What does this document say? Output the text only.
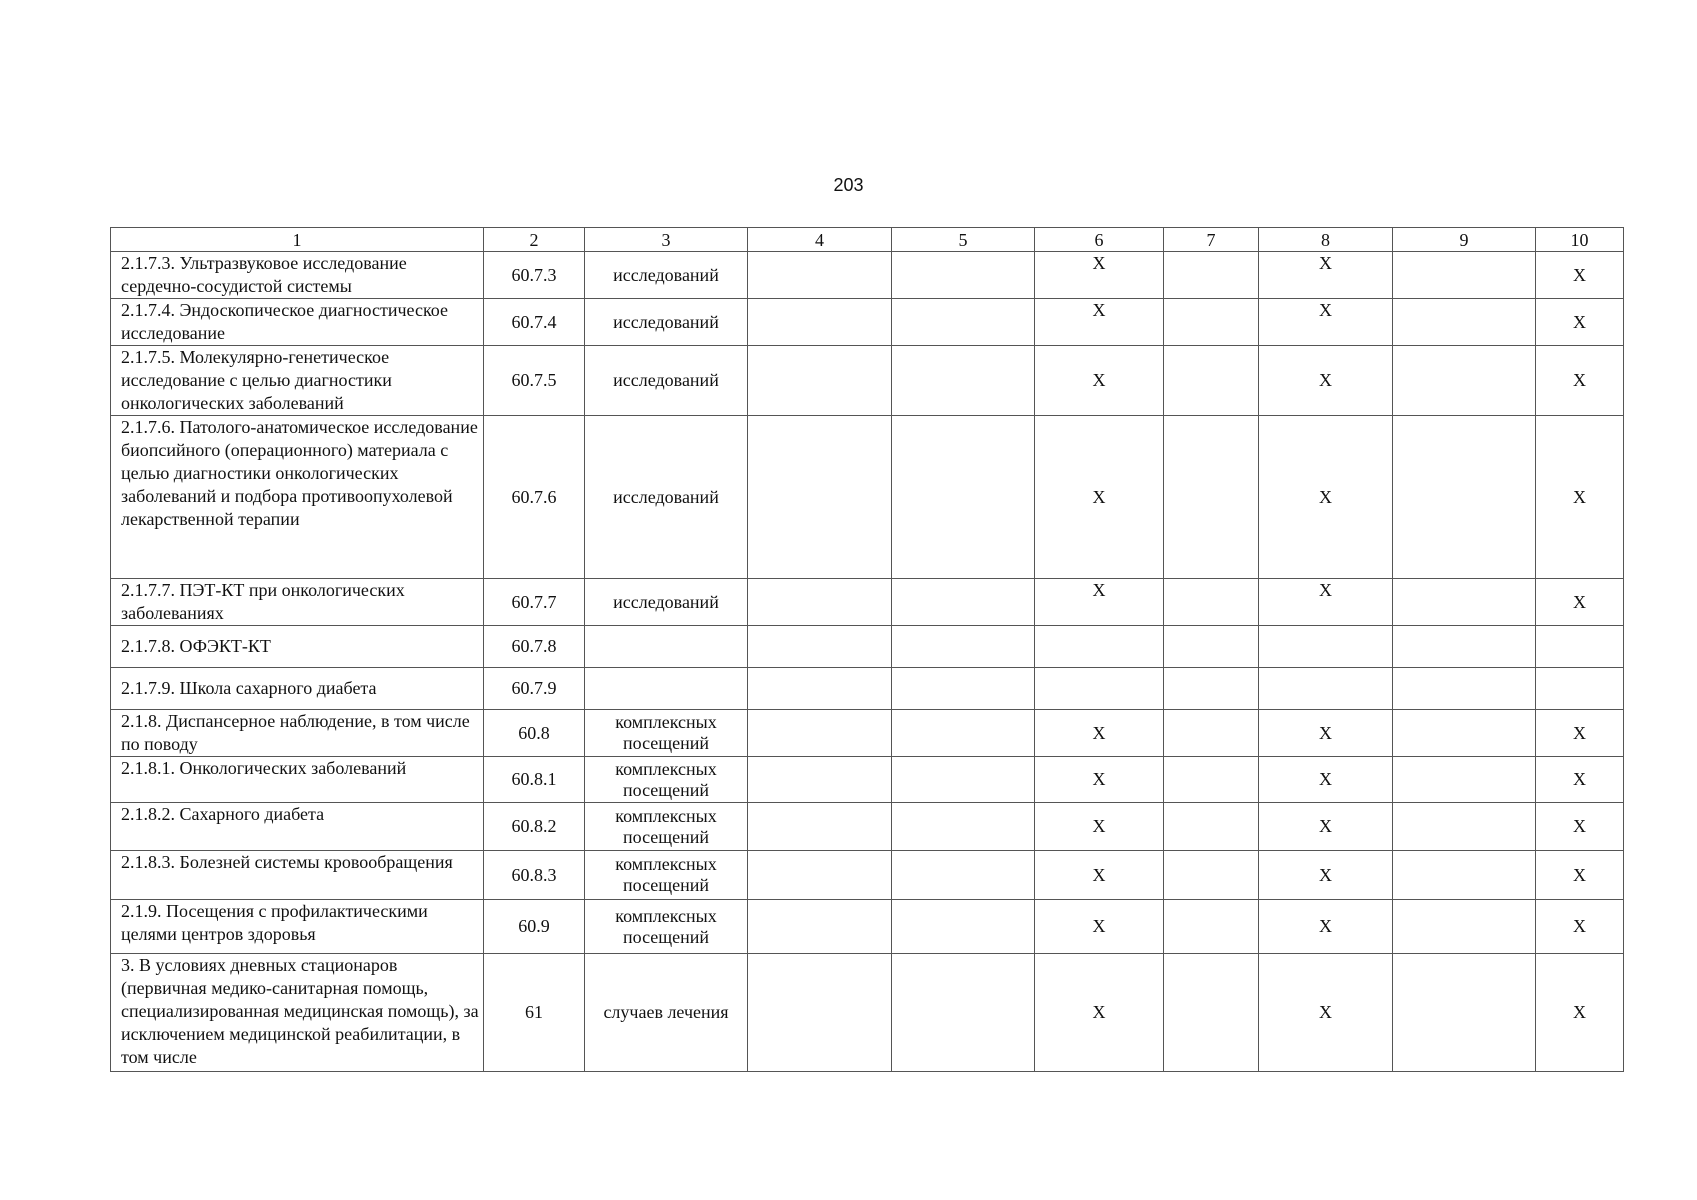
203
1	2	3	4	5	6	7	8	9	10
2.1.7.3. Ультразвуковое исследование сердечно-сосудистой системы	60.7.3	исследований			X		X		X
2.1.7.4. Эндоскопическое диагностическое исследование	60.7.4	исследований			X		X		X
2.1.7.5. Молекулярно-генетическое исследование с целью диагностики онкологических заболеваний	60.7.5	исследований			X		X		X
2.1.7.6. Патолого-анатомическое исследование биопсийного (операционного) материала с целью диагностики онкологических заболеваний и подбора противоопухолевой лекарственной терапии	60.7.6	исследований			X		X		X
2.1.7.7. ПЭТ-КТ при онкологических заболеваниях	60.7.7	исследований			X		X		X
2.1.7.8. ОФЭКТ-КТ	60.7.8								
2.1.7.9. Школа сахарного диабета	60.7.9								
2.1.8. Диспансерное наблюдение, в том числе по поводу	60.8	комплексных посещений			X		X		X
2.1.8.1. Онкологических заболеваний	60.8.1	комплексных посещений			X		X		X
2.1.8.2. Сахарного диабета	60.8.2	комплексных посещений			X		X		X
2.1.8.3. Болезней системы кровообращения	60.8.3	комплексных посещений			X		X		X
2.1.9. Посещения с профилактическими целями центров здоровья	60.9	комплексных посещений			X		X		X
3. В условиях дневных стационаров (первичная медико-санитарная помощь, специализированная медицинская помощь), за исключением медицинской реабилитации, в том числе	61	случаев лечения			X		X		X
